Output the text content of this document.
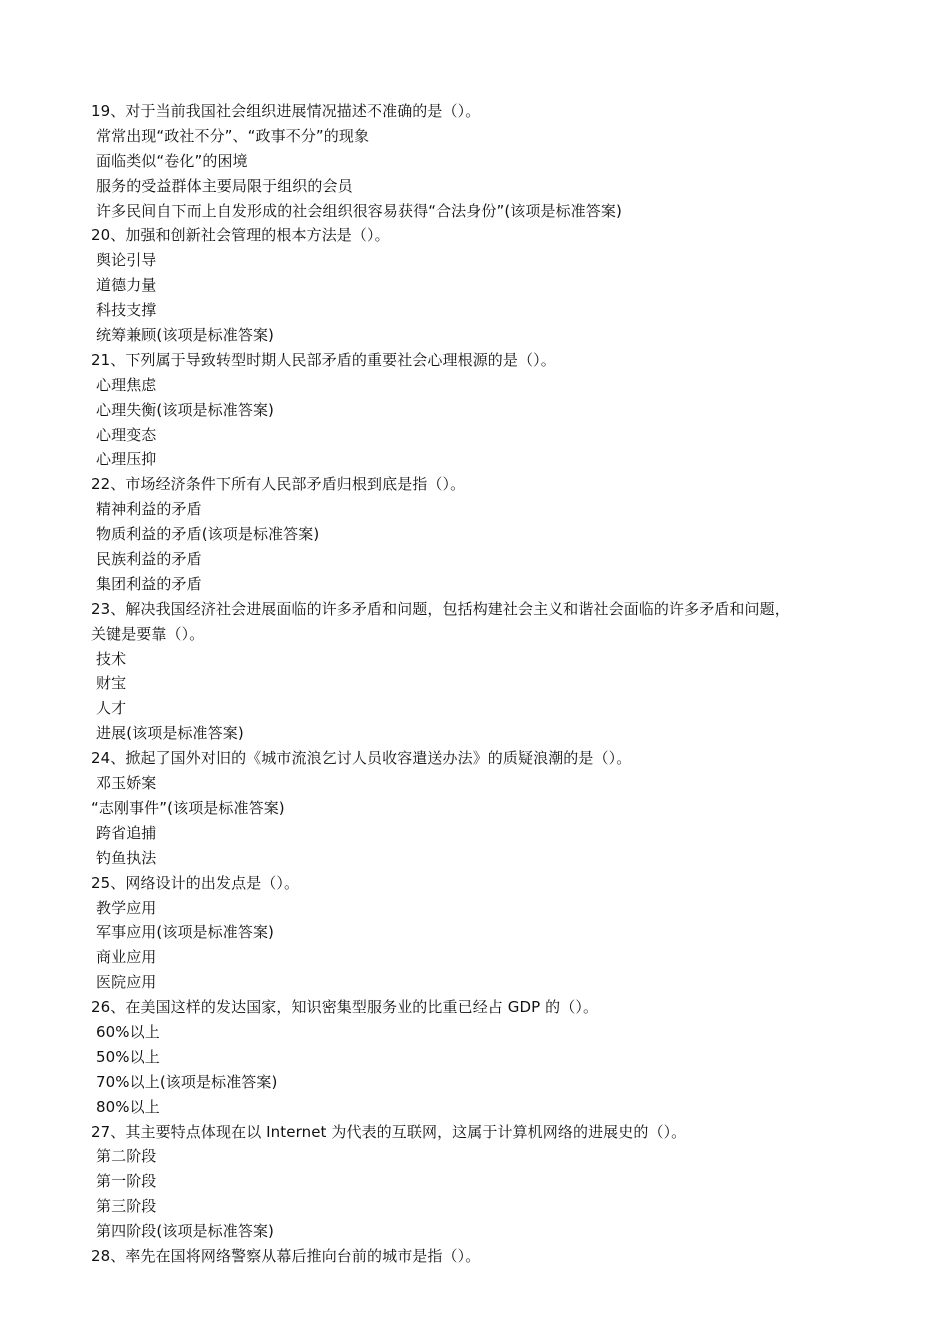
19、对于当前我国社会组织进展情况描述不准确的是（）。
常常出现“政社不分”、“政事不分”的现象
面临类似“卷化”的困境
服务的受益群体主要局限于组织的会员
许多民间自下而上自发形成的社会组织很容易获得“合法身份”(该项是标准答案)
20、加强和创新社会管理的根本方法是（）。
舆论引导
道德力量
科技支撑
统筹兼顾(该项是标准答案)
21、下列属于导致转型时期人民部矛盾的重要社会心理根源的是（）。
心理焦虑
心理失衡(该项是标准答案)
心理变态
心理压抑
22、市场经济条件下所有人民部矛盾归根到底是指（）。
精神利益的矛盾
物质利益的矛盾(该项是标准答案)
民族利益的矛盾
集团利益的矛盾
23、解决我国经济社会进展面临的许多矛盾和问题，包括构建社会主义和谐社会面临的许多矛盾和问题，
关键是要靠（）。
技术
财宝
人才
进展(该项是标准答案)
24、掀起了国外对旧的《城市流浪乞讨人员收容遣送办法》的质疑浪潮的是（）。
邓玉娇案
“志刚事件”(该项是标准答案)
跨省追捕
钓鱼执法
25、网络设计的出发点是（）。
教学应用
军事应用(该项是标准答案)
商业应用
医院应用
26、在美国这样的发达国家，知识密集型服务业的比重已经占 GDP 的（）。
60%以上
50%以上
70%以上(该项是标准答案)
80%以上
27、其主要特点体现在以 Internet 为代表的互联网，这属于计算机网络的进展史的（）。
第二阶段
第一阶段
第三阶段
第四阶段(该项是标准答案)
28、率先在国将网络警察从幕后推向台前的城市是指（）。
